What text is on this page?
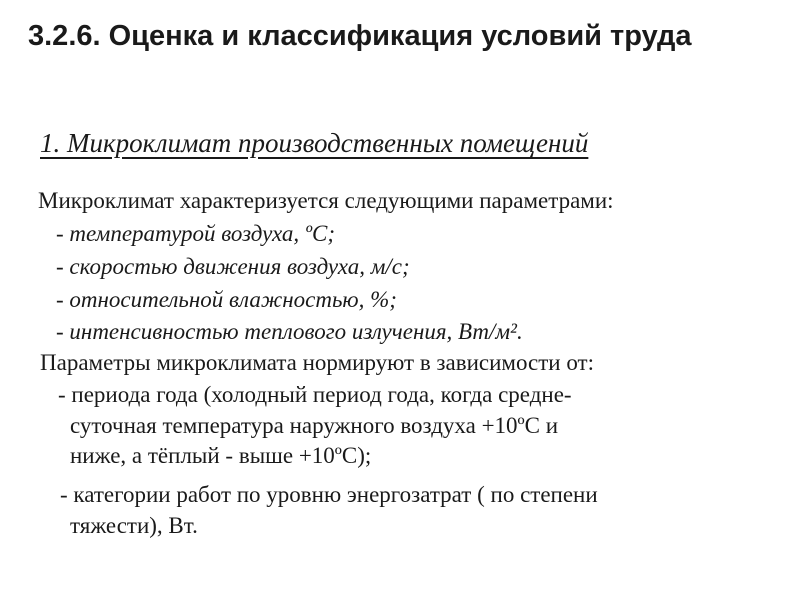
3.2.6. Оценка и классификация условий труда
1. Микроклимат производственных помещений
Микроклимат характеризуется следующими параметрами:
- температурой воздуха, ºС;
- скоростью движения воздуха, м/с;
- относительной влажностью, %;
- интенсивностью теплового излучения, Вт/м².
Параметры микроклимата нормируют в зависимости от:
- периода года (холодный период года, когда средне-
суточная температура наружного воздуха +10ºС и
ниже, а тёплый - выше +10ºС);
- категории работ по уровню энергозатрат ( по степени
тяжести), Вт.
